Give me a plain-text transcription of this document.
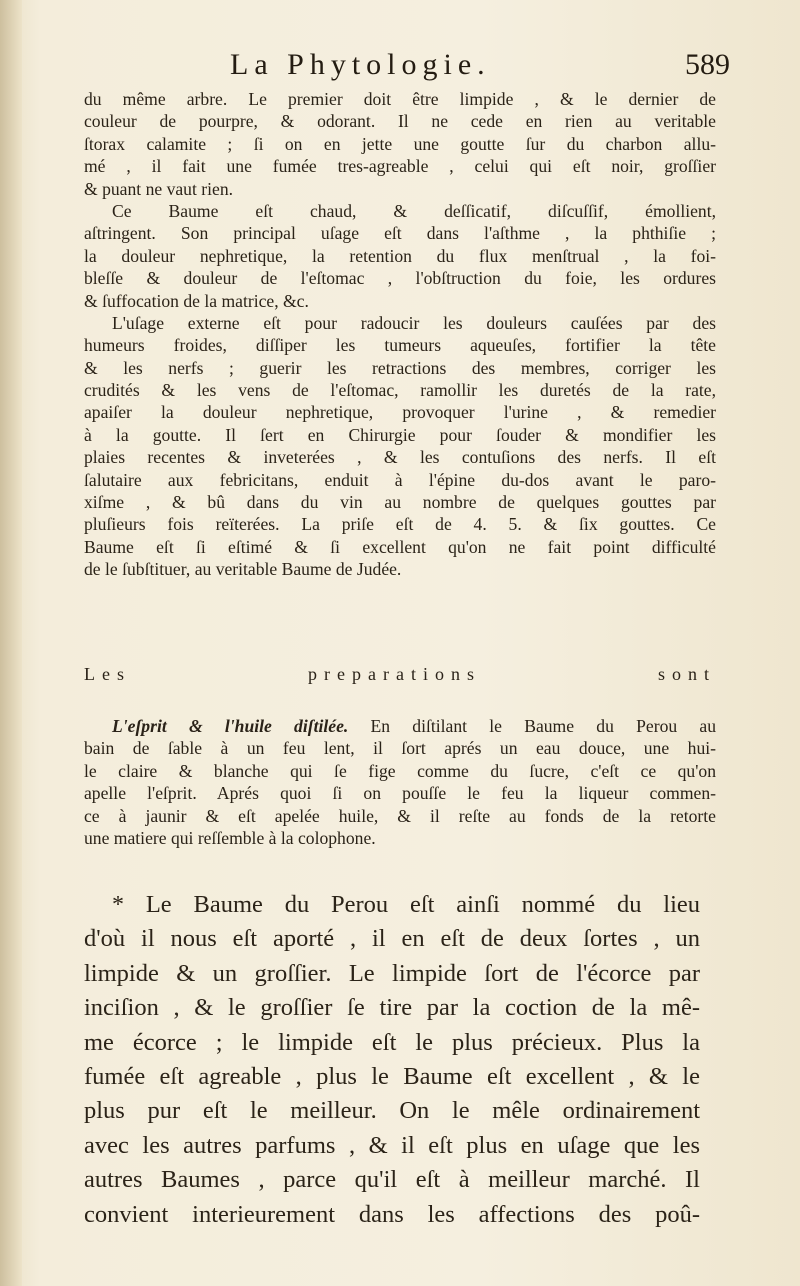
La Phytologie.	589
du même arbre. Le premier doit être limpide , & le dernier de
couleur de pourpre, & odorant. Il ne cede en rien au veritable
ſtorax calamite ; ſi on en jette une goutte ſur du charbon allu-
mé , il fait une fumée tres-agreable , celui qui eſt noir, groſſier
& puant ne vaut rien.
Ce Baume eſt chaud, & deſſicatif, diſcuſſif, émollient,
aſtringent. Son principal uſage eſt dans l'aſthme , la phthiſie ;
la douleur nephretique, la retention du flux menſtrual , la foi-
bleſſe & douleur de l'eſtomac , l'obſtruction du foie, les ordures
& ſuffocation de la matrice, &c.
L'uſage externe eſt pour radoucir les douleurs cauſées par des
humeurs froides, diſſiper les tumeurs aqueuſes, fortifier la tête
& les nerfs ; guerir les retractions des membres, corriger les
crudités & les vens de l'eſtomac, ramollir les duretés de la rate,
apaiſer la douleur nephretique, provoquer l'urine , & remedier
à la goutte. Il ſert en Chirurgie pour ſouder & mondifier les
plaies recentes & inveterées , & les contuſions des nerfs. Il eſt
ſalutaire aux febricitans, enduit à l'épine du-dos avant le paro-
xiſme , & bû dans du vin au nombre de quelques gouttes par
pluſieurs fois reïterées. La priſe eſt de 4. 5. & ſix gouttes. Ce
Baume eſt ſi eſtimé & ſi excellent qu'on ne fait point difficulté
de le ſubſtituer, au veritable Baume de Judée.
Les preparations sont
L'eſprit & l'huile diſtilée. En diſtilant le Baume du Perou au
bain de ſable à un feu lent, il ſort aprés un eau douce, une hui-
le claire & blanche qui ſe fige comme du ſucre, c'eſt ce qu'on
apelle l'eſprit. Aprés quoi ſi on pouſſe le feu la liqueur commen-
ce à jaunir & eſt apelée huile, & il reſte au fonds de la retorte
une matiere qui reſſemble à la colophone.
* Le Baume du Perou eſt ainſi nommé du lieu
d'où il nous eſt aporté , il en eſt de deux ſortes , un
limpide & un groſſier. Le limpide ſort de l'écorce par
inciſion , & le groſſier ſe tire par la coction de la mê-
me écorce ; le limpide eſt le plus précieux. Plus la
fumée eſt agreable , plus le Baume eſt excellent , & le
plus pur eſt le meilleur. On le mêle ordinairement
avec les autres parfums , & il eſt plus en uſage que les
autres Baumes , parce qu'il eſt à meilleur marché. Il
convient interieurement dans les affections des poû-
